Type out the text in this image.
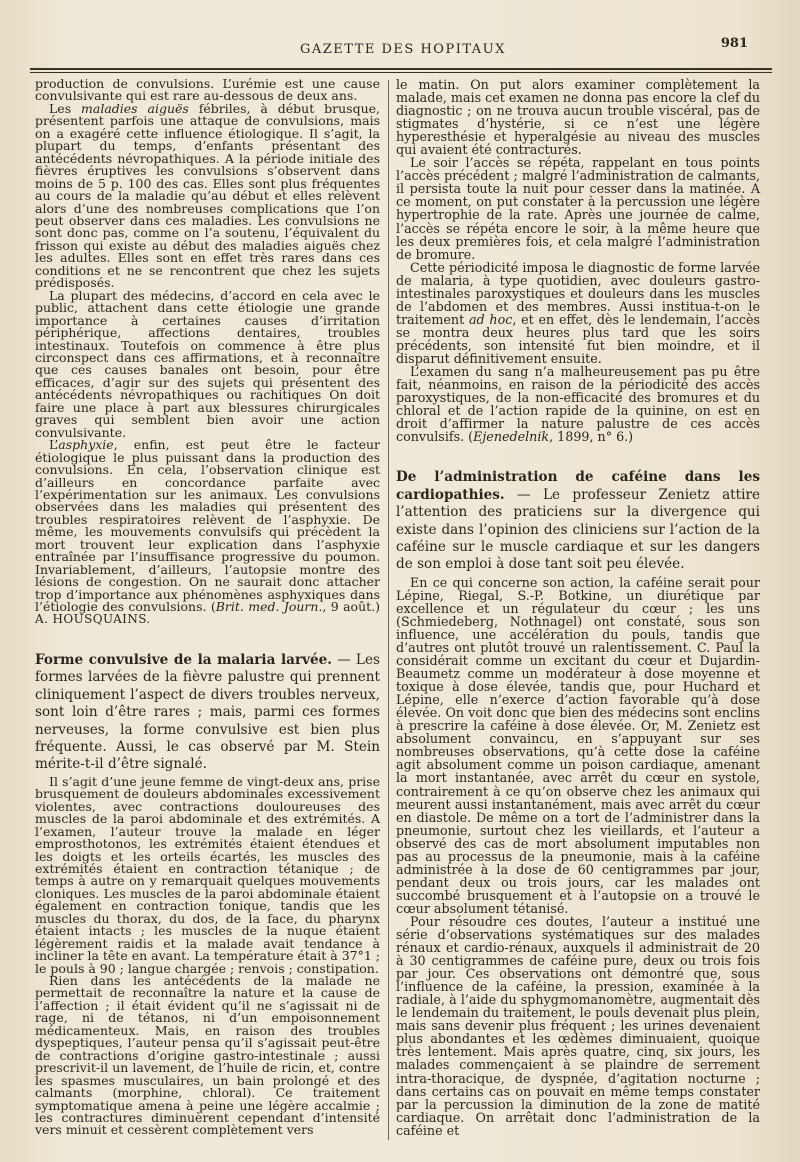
GAZETTE DES HOPITAUX	981

production de convulsions. L’urémie est une cause convulsivante qui est rare au-dessous de deux ans.

Les maladies aiguës fébriles, à début brusque, présentent parfois une attaque de convulsions, mais on a exagéré cette influence étiologique. Il s’agit, la plupart du temps, d’enfants présentant des antécédents névropathiques. A la période initiale des fièvres éruptives les convulsions s’observent dans moins de 5 p. 100 des cas. Elles sont plus fréquentes au cours de la maladie qu’au début et elles relèvent alors d’une des nombreuses complications que l’on peut observer dans ces maladies. Les convulsions ne sont donc pas, comme on l’a soutenu, l’équivalent du frisson qui existe au début des maladies aiguës chez les adultes. Elles sont en effet très rares dans ces conditions et ne se rencontrent que chez les sujets prédisposés.

La plupart des médecins, d’accord en cela avec le public, attachent dans cette étiologie une grande importance à certaines causes d’irritation périphérique, affections dentaires, troubles intestinaux. Toutefois on commence à être plus circonspect dans ces affirmations, et à reconnaître que ces causes banales ont besoin, pour être efficaces, d’agir sur des sujets qui présentent des antécédents névropathiques ou rachitiques On doit faire une place à part aux blessures chirurgicales graves qui semblent bien avoir une action convulsivante.

L’asphyxie, enfin, est peut être le facteur étiologique le plus puissant dans la production des convulsions. En cela, l’observation clinique est d’ailleurs en concordance parfaite avec l’expérimentation sur les animaux. Les convulsions observées dans les maladies qui présentent des troubles respiratoires relèvent de l’asphyxie. De même, les mouvements convulsifs qui précèdent la mort trouvent leur explication dans l’asphyxie entraînée par l’insuffisance progressive du poumon. Invariablement, d’ailleurs, l’autopsie montre des lésions de congestion. On ne saurait donc attacher trop d’importance aux phénomènes asphyxiques dans l’étiologie des convulsions. (Brit. med. Journ., 9 août.) A. HOUSQUAINS.

Forme convulsive de la malaria larvée. — Les formes larvées de la fièvre palustre qui prennent cliniquement l’aspect de divers troubles nerveux, sont loin d’être rares ; mais, parmi ces formes nerveuses, la forme convulsive est bien plus fréquente. Aussi, le cas observé par M. Stein mérite-t-il d’être signalé.

Il s’agit d’une jeune femme de vingt-deux ans, prise brusquement de douleurs abdominales excessivement violentes, avec contractions douloureuses des muscles de la paroi abdominale et des extrémités. A l’examen, l’auteur trouve la malade en léger emprosthotonos, les extrémités étaient étendues et les doigts et les orteils écartés, les muscles des extrémités étaient en contraction tétanique ; de temps à autre on y remarquait quelques mouvements cloniques. Les muscles de la paroi abdominale étaient également en contraction tonique, tandis que les muscles du thorax, du dos, de la face, du pharynx étaient intacts ; les muscles de la nuque étaient légèrement raidis et la malade avait tendance à incliner la tête en avant. La température était à 37°1 ; le pouls à 90 ; langue chargée ; renvois ; constipation.

Rien dans les antécédents de la malade ne permettait de reconnaître la nature et la cause de l’affection ; il était évident qu’il ne s’agissait ni de rage, ni de tétanos, ni d’un empoisonnement médicamenteux. Mais, en raison des troubles dyspeptiques, l’auteur pensa qu’il s’agissait peut-être de contractions d’origine gastro-intestinale ; aussi prescrivit-il un lavement, de l’huile de ricin, et, contre les spasmes musculaires, un bain prolongé et des calmants (morphine, chloral). Ce traitement symptomatique amena à peine une légère accalmie ; les contractures diminuèrent cependant d’intensité vers minuit et cessèrent complètement vers

le matin. On put alors examiner complètement la malade, mais cet examen ne donna pas encore la clef du diagnostic ; on ne trouva aucun trouble viscéral, pas de stigmates d’hystérie, si ce n’est une légère hyperesthésie et hyperalgésie au niveau des muscles qui avaient été contracturés.

Le soir l’accès se répéta, rappelant en tous points l’accès précédent ; malgré l’administration de calmants, il persista toute la nuit pour cesser dans la matinée. A ce moment, on put constater à la percussion une légère hypertrophie de la rate. Après une journée de calme, l’accès se répéta encore le soir, à la même heure que les deux premières fois, et cela malgré l’administration de bromure.

Cette périodicité imposa le diagnostic de forme larvée de malaria, à type quotidien, avec douleurs gastro-intestinales paroxystiques et douleurs dans les muscles de l’abdomen et des membres. Aussi institua-t-on le traitement ad hoc, et en effet, dès le lendemain, l’accès se montra deux heures plus tard que les soirs précédents, son intensité fut bien moindre, et il disparut définitivement ensuite.

L’examen du sang n’a malheureusement pas pu être fait, néanmoins, en raison de la périodicité des accès paroxystiques, de la non-efficacité des bromures et du chloral et de l’action rapide de la quinine, on est en droit d’affirmer la nature palustre de ces accès convulsifs. (Ejenedelnik, 1899, n° 6.)

De l’administration de caféine dans les cardiopathies. — Le professeur Zenietz attire l’attention des praticiens sur la divergence qui existe dans l’opinion des cliniciens sur l’action de la caféine sur le muscle cardiaque et sur les dangers de son emploi à dose tant soit peu élevée.

En ce qui concerne son action, la caféine serait pour Lépine, Riegal, S.-P. Botkine, un diurétique par excellence et un régulateur du cœur ; les uns (Schmiedeberg, Nothnagel) ont constaté, sous son influence, une accélération du pouls, tandis que d’autres ont plutôt trouvé un ralentissement. C. Paul la considérait comme un excitant du cœur et Dujardin-Beaumetz comme un modérateur à dose moyenne et toxique à dose élevée, tandis que, pour Huchard et Lépine, elle n’exerce d’action favorable qu’à dose élevée. On voit donc que bien des médecins sont enclins à prescrire la caféine à dose élevée. Or, M. Zenietz est absolument convaincu, en s’appuyant sur ses nombreuses observations, qu’à cette dose la caféine agit absolument comme un poison cardiaque, amenant la mort instantanée, avec arrêt du cœur en systole, contrairement à ce qu’on observe chez les animaux qui meurent aussi instantanément, mais avec arrêt du cœur en diastole. De même on a tort de l’administrer dans la pneumonie, surtout chez les vieillards, et l’auteur a observé des cas de mort absolument imputables non pas au processus de la pneumonie, mais à la caféine administrée à la dose de 60 centigrammes par jour, pendant deux ou trois jours, car les malades ont succombé brusquement et à l’autopsie on a trouvé le cœur absolument tétanisé.

Pour résoudre ces doutes, l’auteur a institué une série d’observations systématiques sur des malades rénaux et cardio-rénaux, auxquels il administrait de 20 à 30 centigrammes de caféine pure, deux ou trois fois par jour. Ces observations ont démontré que, sous l’influence de la caféine, la pression, examinée à la radiale, à l’aide du sphygmomanomètre, augmentait dès le lendemain du traitement, le pouls devenait plus plein, mais sans devenir plus fréquent ; les urines devenaient plus abondantes et les œdèmes diminuaient, quoique très lentement. Mais après quatre, cinq, six jours, les malades commençaient à se plaindre de serrement intra-thoracique, de dyspnée, d’agitation nocturne ; dans certains cas on pouvait en même temps constater par la percussion la diminution de la zone de matité cardiaque. On arrêtait donc l’administration de la caféine et
